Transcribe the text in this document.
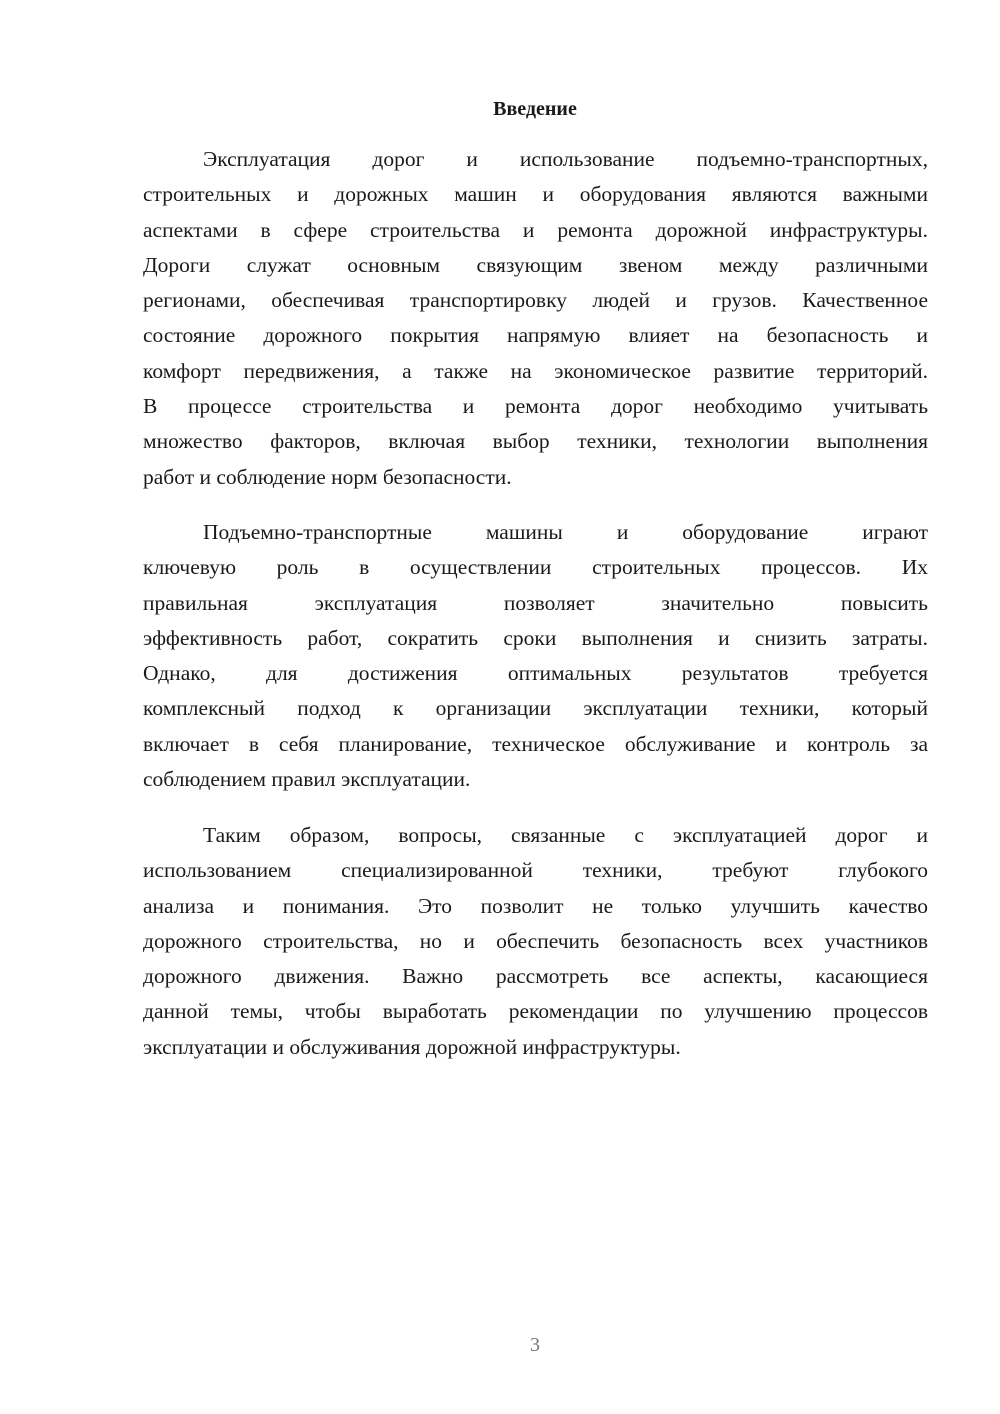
Введение
Эксплуатация дорог и использование подъемно-транспортных,
строительных и дорожных машин и оборудования являются важными
аспектами в сфере строительства и ремонта дорожной инфраструктуры.
Дороги служат основным связующим звеном между различными
регионами, обеспечивая транспортировку людей и грузов. Качественное
состояние дорожного покрытия напрямую влияет на безопасность и
комфорт передвижения, а также на экономическое развитие территорий.
В процессе строительства и ремонта дорог необходимо учитывать
множество факторов, включая выбор техники, технологии выполнения
работ и соблюдение норм безопасности.
Подъемно-транспортные машины и оборудование играют
ключевую роль в осуществлении строительных процессов. Их
правильная эксплуатация позволяет значительно повысить
эффективность работ, сократить сроки выполнения и снизить затраты.
Однако, для достижения оптимальных результатов требуется
комплексный подход к организации эксплуатации техники, который
включает в себя планирование, техническое обслуживание и контроль за
соблюдением правил эксплуатации.
Таким образом, вопросы, связанные с эксплуатацией дорог и
использованием специализированной техники, требуют глубокого
анализа и понимания. Это позволит не только улучшить качество
дорожного строительства, но и обеспечить безопасность всех участников
дорожного движения. Важно рассмотреть все аспекты, касающиеся
данной темы, чтобы выработать рекомендации по улучшению процессов
эксплуатации и обслуживания дорожной инфраструктуры.
3
